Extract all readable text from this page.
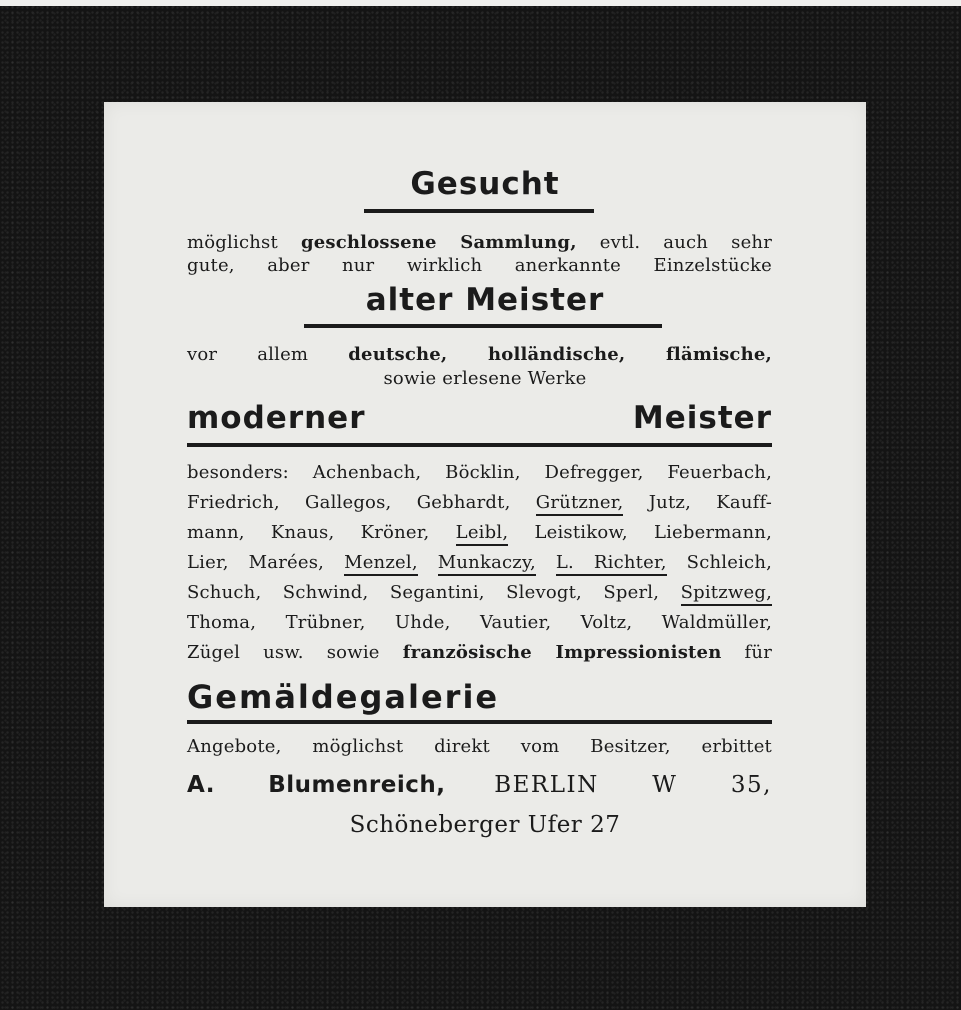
Gesucht
möglichst geschlossene Sammlung, evtl. auch sehr
gute, aber nur wirklich anerkannte Einzelstücke
alter Meister
vor allem deutsche, holländische, flämische,
sowie erlesene Werke
moderner Meister
besonders: Achenbach, Böcklin, Defregger, Feuerbach,
Friedrich, Gallegos, Gebhardt, Grützner, Jutz, Kauff-
mann, Knaus, Kröner, Leibl, Leistikow, Liebermann,
Lier, Marées, Menzel, Munkaczy, L. Richter, Schleich,
Schuch, Schwind, Segantini, Slevogt, Sperl, Spitzweg,
Thoma, Trübner, Uhde, Vautier, Voltz, Waldmüller,
Zügel usw. sowie französische Impressionisten für
Gemäldegalerie
Angebote, möglichst direkt vom Besitzer, erbittet
A. Blumenreich, BERLIN W 35,
Schöneberger Ufer 27
